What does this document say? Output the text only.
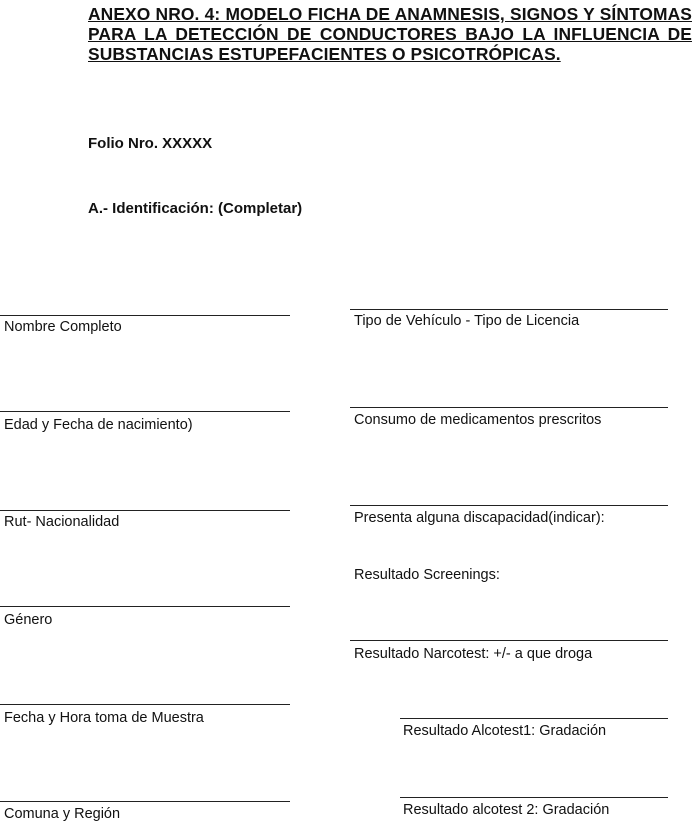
ANEXO NRO. 4: MODELO FICHA DE ANAMNESIS, SIGNOS Y SÍNTOMAS PARA LA DETECCIÓN DE CONDUCTORES BAJO LA INFLUENCIA DE SUBSTANCIAS ESTUPEFACIENTES O PSICOTRÓPICAS.
Folio Nro. XXXXX
A.- Identificación: (Completar)
Nombre Completo
Edad y Fecha de nacimiento)
Rut- Nacionalidad
Género
Fecha y Hora toma de Muestra
Comuna y Región
Tipo de Vehículo - Tipo de Licencia
Consumo de medicamentos prescritos
Presenta alguna discapacidad(indicar):
Resultado Screenings:
Resultado Narcotest: +/- a que droga
Resultado Alcotest1: Gradación
Resultado alcotest 2: Gradación
